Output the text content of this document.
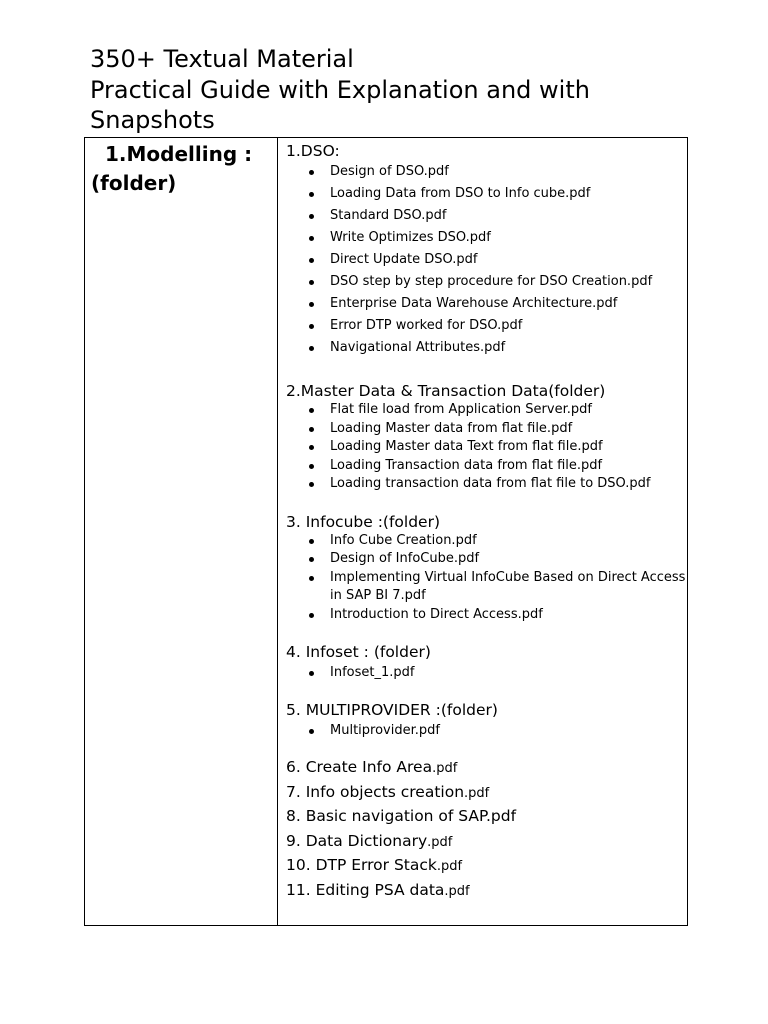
350+ Textual Material
Practical Guide with Explanation and with
Snapshots
1.Modelling :
(folder)

1.DSO:
Design of DSO.pdf
Loading Data from DSO to Info cube.pdf
Standard DSO.pdf
Write Optimizes DSO.pdf
Direct Update DSO.pdf
DSO step by step procedure for DSO Creation.pdf
Enterprise Data Warehouse Architecture.pdf
Error DTP worked for DSO.pdf
Navigational Attributes.pdf
2.Master Data & Transaction Data(folder)
Flat file load from Application Server.pdf
Loading Master data from flat file.pdf
Loading Master data Text from flat file.pdf
Loading Transaction data from flat file.pdf
Loading transaction data from flat file to DSO.pdf
3. Infocube :(folder)
Info Cube Creation.pdf
Design of InfoCube.pdf
Implementing Virtual InfoCube Based on Direct Access in SAP BI 7.pdf
Introduction to Direct Access.pdf
4. Infoset : (folder)
Infoset_1.pdf
5. MULTIPROVIDER :(folder)
Multiprovider.pdf
6. Create Info Area.pdf
7. Info objects creation.pdf
8. Basic navigation of SAP.pdf
9. Data Dictionary.pdf
10. DTP Error Stack.pdf
11. Editing PSA data.pdf
